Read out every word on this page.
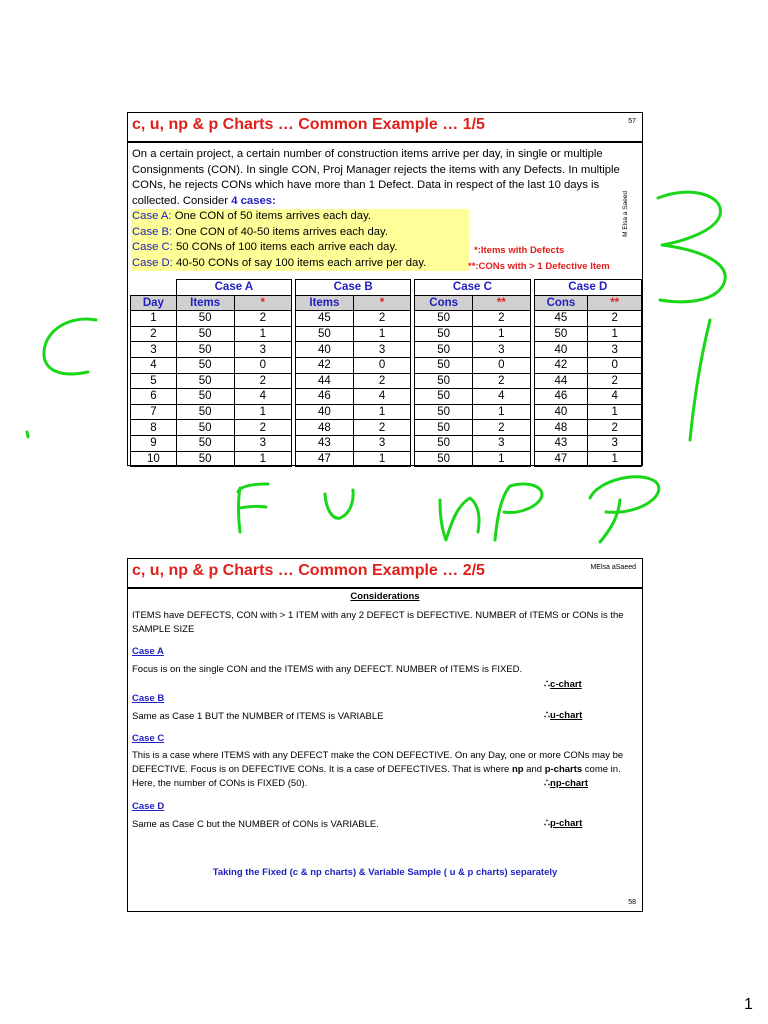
c, u, np & p Charts … Common Example … 1/5	57
On a certain project, a certain number of construction items arrive per day, in single or multiple Consignments (CON). In single CON, Proj Manager rejects the items with any Defects. In multiple CONs, he rejects CONs which have more than 1 Defect. Data in respect of the last 10 days is collected. Consider 4 cases:
Case A: One CON of 50 items arrives each day.
Case B: One CON of 40-50 items arrives each day.
Case C: 50 CONs of 100 items each arrive each day.
Case D: 40-50 CONs of say 100 items each arrive per day.
M Elsa a Saeed
*:Items with Defects
**:CONs with > 1 Defective Item
	Case A			Case B			Case C			Case D	
Day	Items	*		Items	*		Cons	**		Cons	**
1	50	2		45	2		50	2		45	2
2	50	1		50	1		50	1		50	1
3	50	3		40	3		50	3		40	3
4	50	0		42	0		50	0		42	0
5	50	2		44	2		50	2		44	2
6	50	4		46	4		50	4		46	4
7	50	1		40	1		50	1		40	1
8	50	2		48	2		50	2		48	2
9	50	3		43	3		50	3		43	3
10	50	1		47	1		50	1		47	1
c, u, np & p Charts … Common Example … 2/5	MElsa aSaeed
Considerations
ITEMS have DEFECTS, CON with > 1 ITEM with any 2 DEFECT is DEFECTIVE. NUMBER of ITEMS or CONs is the SAMPLE SIZE
Case A
Focus is on the single CON and the ITEMS with any DEFECT. NUMBER of ITEMS is FIXED.
∴c-chart
Case B
Same as Case 1 BUT the NUMBER of ITEMS is VARIABLE	∴u-chart
Case C
This is a case where ITEMS with any DEFECT make the CON DEFECTIVE. On any Day, one or more CONs may be DEFECTIVE. Focus is on DEFECTIVE CONs. It is a case of DEFECTIVES. That is where np and p-charts come in. Here, the number of CONs is FIXED (50).	∴np-chart
Case D
Same as Case C but the NUMBER of CONs is VARIABLE.	∴p-chart
Taking the Fixed (c & np charts) & Variable Sample ( u & p charts) separately
58
1
